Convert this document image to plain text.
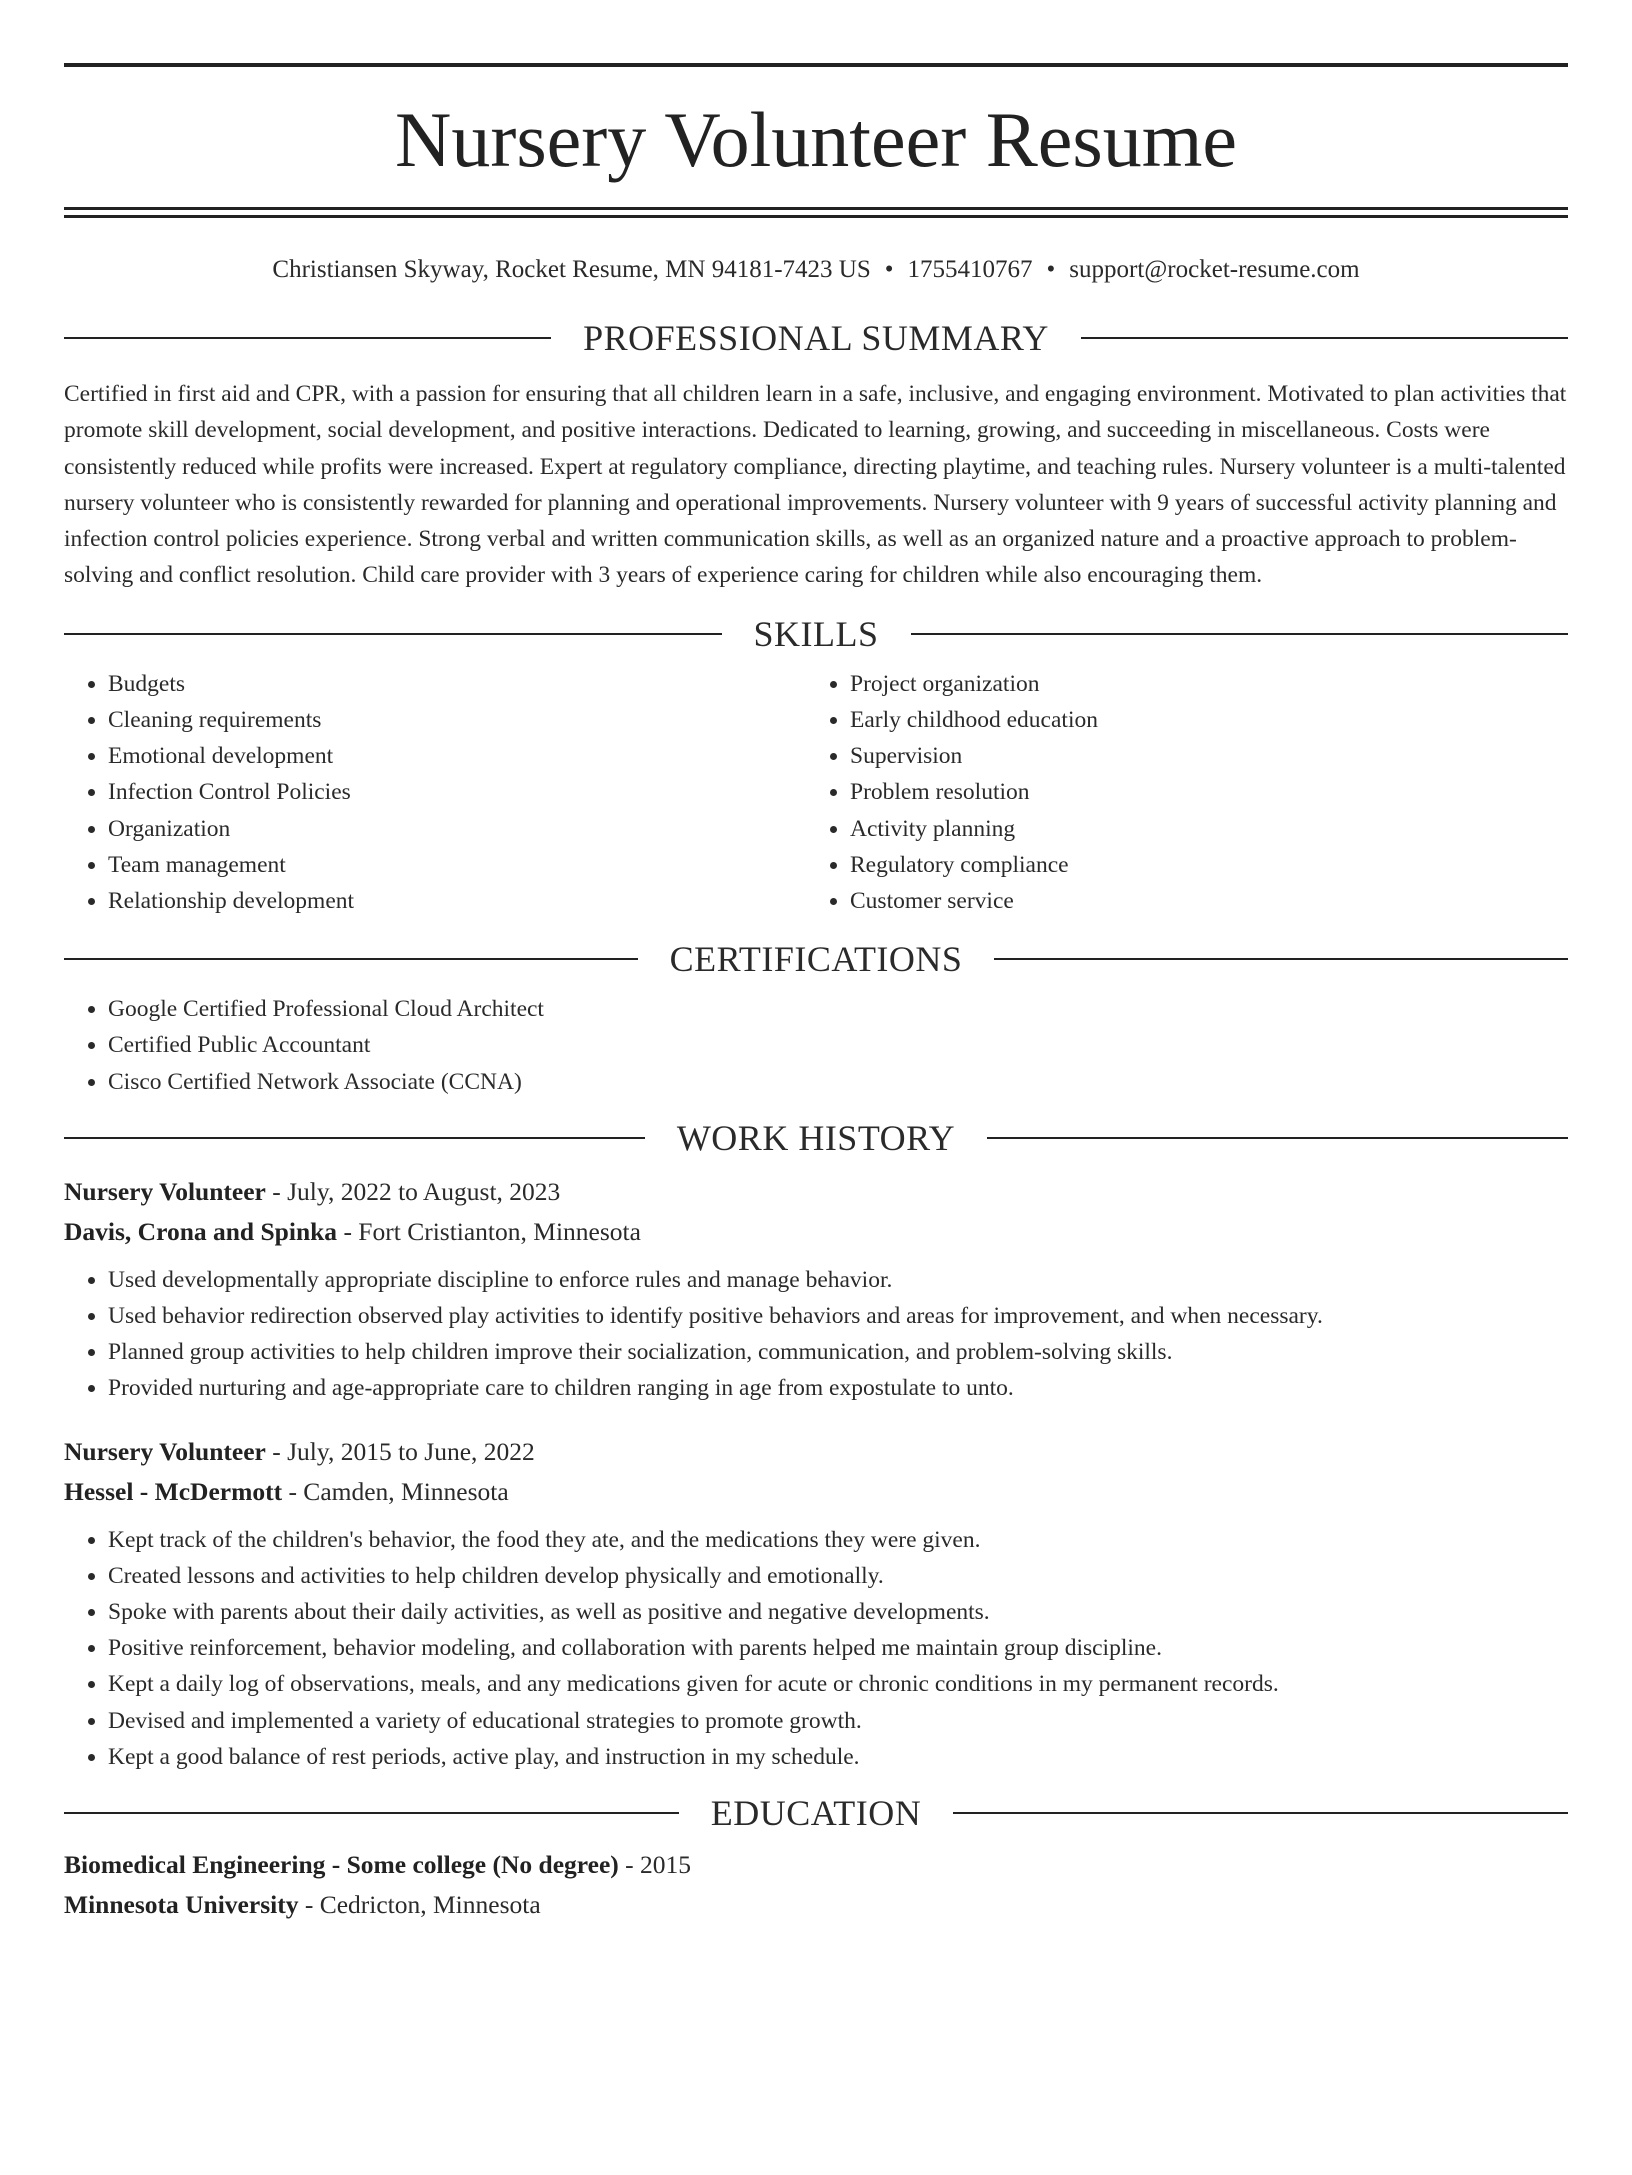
Nursery Volunteer Resume
Christiansen Skyway, Rocket Resume, MN 94181-7423 US • 1755410767 • support@rocket-resume.com
PROFESSIONAL SUMMARY
Certified in first aid and CPR, with a passion for ensuring that all children learn in a safe, inclusive, and engaging environment. Motivated to plan activities that promote skill development, social development, and positive interactions. Dedicated to learning, growing, and succeeding in miscellaneous. Costs were consistently reduced while profits were increased. Expert at regulatory compliance, directing playtime, and teaching rules. Nursery volunteer is a multi-talented nursery volunteer who is consistently rewarded for planning and operational improvements. Nursery volunteer with 9 years of successful activity planning and infection control policies experience. Strong verbal and written communication skills, as well as an organized nature and a proactive approach to problem-solving and conflict resolution. Child care provider with 3 years of experience caring for children while also encouraging them.
SKILLS
• Budgets
• Cleaning requirements
• Emotional development
• Infection Control Policies
• Organization
• Team management
• Relationship development
• Project organization
• Early childhood education
• Supervision
• Problem resolution
• Activity planning
• Regulatory compliance
• Customer service
CERTIFICATIONS
• Google Certified Professional Cloud Architect
• Certified Public Accountant
• Cisco Certified Network Associate (CCNA)
WORK HISTORY
Nursery Volunteer - July, 2022 to August, 2023
Davis, Crona and Spinka - Fort Cristianton, Minnesota
• Used developmentally appropriate discipline to enforce rules and manage behavior.
• Used behavior redirection observed play activities to identify positive behaviors and areas for improvement, and when necessary.
• Planned group activities to help children improve their socialization, communication, and problem-solving skills.
• Provided nurturing and age-appropriate care to children ranging in age from expostulate to unto.
Nursery Volunteer - July, 2015 to June, 2022
Hessel - McDermott - Camden, Minnesota
• Kept track of the children's behavior, the food they ate, and the medications they were given.
• Created lessons and activities to help children develop physically and emotionally.
• Spoke with parents about their daily activities, as well as positive and negative developments.
• Positive reinforcement, behavior modeling, and collaboration with parents helped me maintain group discipline.
• Kept a daily log of observations, meals, and any medications given for acute or chronic conditions in my permanent records.
• Devised and implemented a variety of educational strategies to promote growth.
• Kept a good balance of rest periods, active play, and instruction in my schedule.
EDUCATION
Biomedical Engineering - Some college (No degree) - 2015
Minnesota University - Cedricton, Minnesota
